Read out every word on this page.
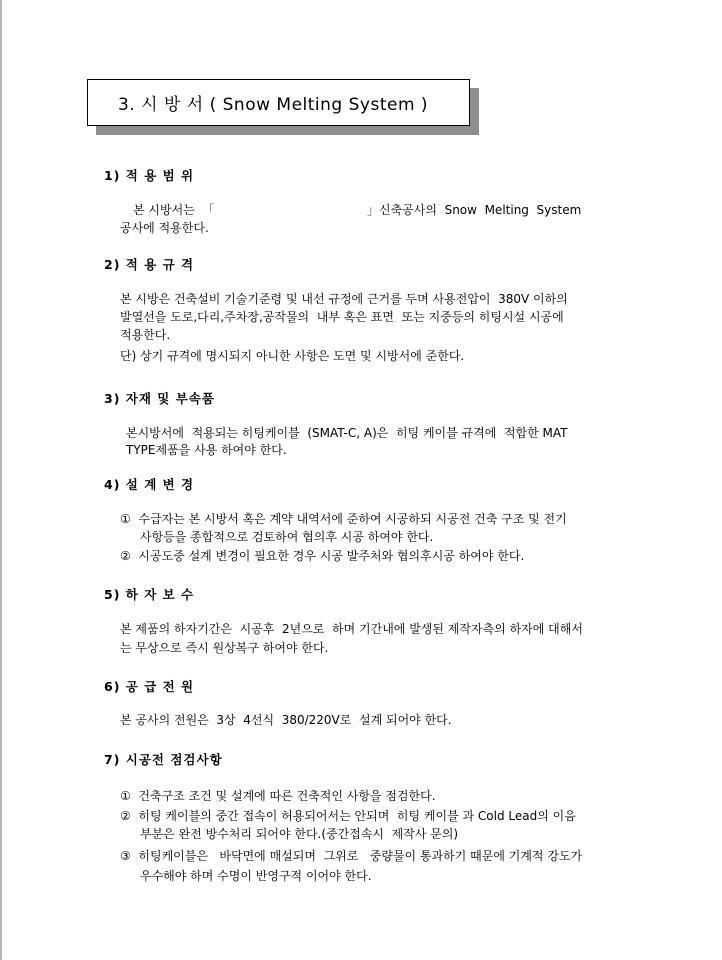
3. 시 방 서 ( Snow Melting System )
1) 적 용 범 위
본 시방서는  「                                        」신축공사의  Snow  Melting  System
공사에 적용한다.
2) 적 용 규 격
본 시방은 건축설비 기술기준령 및 내선 규정에 근거를 두며 사용전압이  380V 이하의
발열선을 도로,다리,주차장,공작물의  내부 혹은 표면  또는 지중등의 히팅시설 시공에
적용한다.
단) 상기 규격에 명시되지 아니한 사항은 도면 및 시방서에 준한다.
3) 자재 및 부속품
본시방서에  적용되는 히팅케이블  (SMAT-C, A)은  히팅 케이블 규격에  적합한 MAT
TYPE제품을 사용 하여야 한다.
4) 설 계 변 경
①  수급자는 본 시방서 혹은 계약 내역서에 준하여 시공하되 시공전 건축 구조 및 전기
사항등을 종합적으로 검토하여 협의후 시공 하여야 한다.
②  시공도중 설계 변경이 필요한 경우 시공 발주처와 협의후시공 하여야 한다.
5) 하 자 보 수
본 제품의 하자기간은  시공후  2년으로  하며 기간내에 발생된 제작자측의 하자에 대해서
는 무상으로 즉시 원상복구 하여야 한다.
6) 공 급 전 원
본 공사의 전원은  3상  4선식  380/220V로  설계 되어야 한다.
7) 시공전 점검사항
①  건축구조 조건 및 설계에 따른 건축적인 사항을 점검한다.
②  히팅 케이블의 중간 접속이 허용되어서는 안되며  히팅 케이블 과 Cold Lead의 이음
부분은 완전 방수처리 되어야 한다.(중간접속시  제작사 문의)
③  히팅케이블은   바닥면에 매설되며  그위로   중량물이 통과하기 때문에 기계적 강도가
우수해야 하며 수명이 반영구적 이어야 한다.
